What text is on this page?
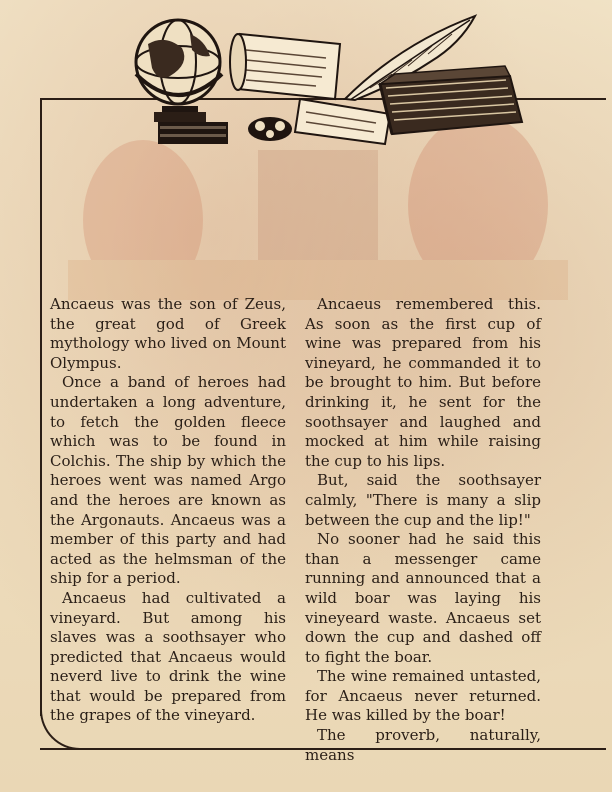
Ancaeus was the son of Zeus, the great god of Greek mythology who lived on Mount Olympus.

Once a band of heroes had undertaken a long adventure, to fetch the golden fleece which was to be found in Colchis. The ship by which the heroes went was named Argo and the heroes are known as the Argonauts. Ancaeus was a member of this party and had acted as the helmsman of the ship for a period.

Ancaeus had cultivated a vineyard. But among his slaves was a soothsayer who predicted that Ancaeus would neverd live to drink the wine that would be prepared from the grapes of the vineyard.

Ancaeus remembered this. As soon as the first cup of wine was prepared from his vineyard, he commanded it to be brought to him. But before drinking it, he sent for the soothsayer and laughed and mocked at him while raising the cup to his lips.

But, said the soothsayer calmly, "There is many a slip between the cup and the lip!"

No sooner had he said this than a messenger came running and announced that a wild boar was laying his vineyeard waste. Ancaeus set down the cup and dashed off to fight the boar.

The wine remained untasted, for Ancaeus never returned. He was killed by the boar!

The proverb, naturally, means
